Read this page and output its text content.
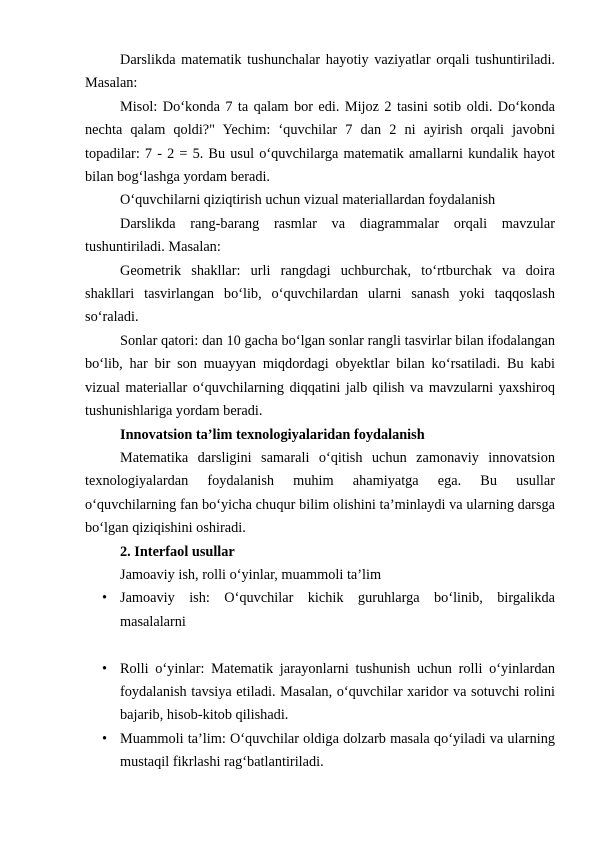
Darslikda matematik tushunchalar hayotiy vaziyatlar orqali tushuntiriladi. Masalan:

Misol: Do‘konda 7 ta qalam bor edi. Mijoz 2 tasini sotib oldi. Do‘konda nechta qalam qoldi?" Yechim: ‘quvchilar 7 dan 2 ni ayirish orqali javobni topadilar: 7 - 2 = 5. Bu usul o‘quvchilarga matematik amallarni kundalik hayot bilan bog‘lashga yordam beradi.

O‘quvchilarni qiziqtirish uchun vizual materiallardan foydalanish

Darslikda rang-barang rasmlar va diagrammalar orqali mavzular tushuntiriladi. Masalan:

Geometrik shakllar: urli rangdagi uchburchak, to‘rtburchak va doira shakllari tasvirlangan bo‘lib, o‘quvchilardan ularni sanash yoki taqqoslash so‘raladi.

Sonlar qatori: dan 10 gacha bo‘lgan sonlar rangli tasvirlar bilan ifodalangan bo‘lib, har bir son muayyan miqdordagi obyektlar bilan ko‘rsatiladi. Bu kabi vizual materiallar o‘quvchilarning diqqatini jalb qilish va mavzularni yaxshiroq tushunishlariga yordam beradi.

Innovatsion ta’lim texnologiyalaridan foydalanish

Matematika darsligini samarali o‘qitish uchun zamonaviy innovatsion texnologiyalardan foydalanish muhim ahamiyatga ega. Bu usullar o‘quvchilarning fan bo‘yicha chuqur bilim olishini ta’minlaydi va ularning darsga bo‘lgan qiziqishini oshiradi.

2. Interfaol usullar

Jamoaviy ish, rolli o‘yinlar, muammoli ta’lim

• Jamoaviy ish: O‘quvchilar kichik guruhlarga bo‘linib, birgalikda masalalarni
• Rolli o‘yinlar: Matematik jarayonlarni tushunish uchun rolli o‘yinlardan foydalanish tavsiya etiladi. Masalan, o‘quvchilar xaridor va sotuvchi rolini bajarib, hisob-kitob qilishadi.
• Muammoli ta’lim: O‘quvchilar oldiga dolzarb masala qo‘yiladi va ularning mustaqil fikrlashi rag‘batlantiriladi.
